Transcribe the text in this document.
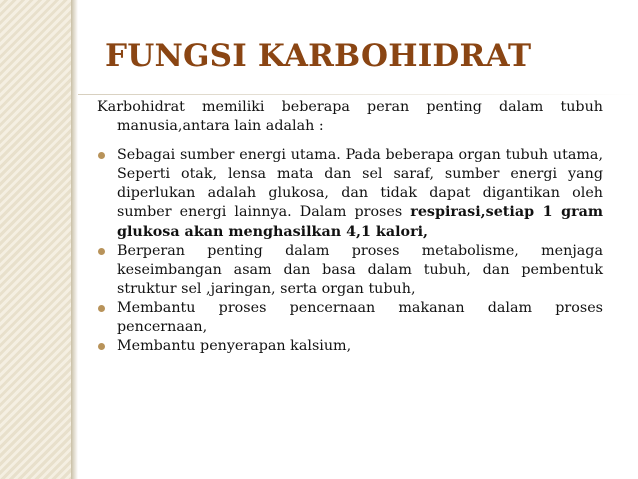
FUNGSI KARBOHIDRAT

Karbohidrat memiliki beberapa peran penting dalam tubuh manusia,antara lain adalah :

Sebagai sumber energi utama. Pada beberapa organ tubuh utama, Seperti otak, lensa mata dan sel saraf, sumber energi yang diperlukan adalah glukosa, dan tidak dapat digantikan oleh sumber energi lainnya. Dalam proses respirasi,setiap 1 gram glukosa akan menghasilkan 4,1 kalori,
Berperan penting dalam proses metabolisme, menjaga keseimbangan asam dan basa dalam tubuh, dan pembentuk struktur sel ,jaringan, serta organ tubuh,
Membantu proses pencernaan makanan dalam proses pencernaan,
Membantu penyerapan kalsium,
